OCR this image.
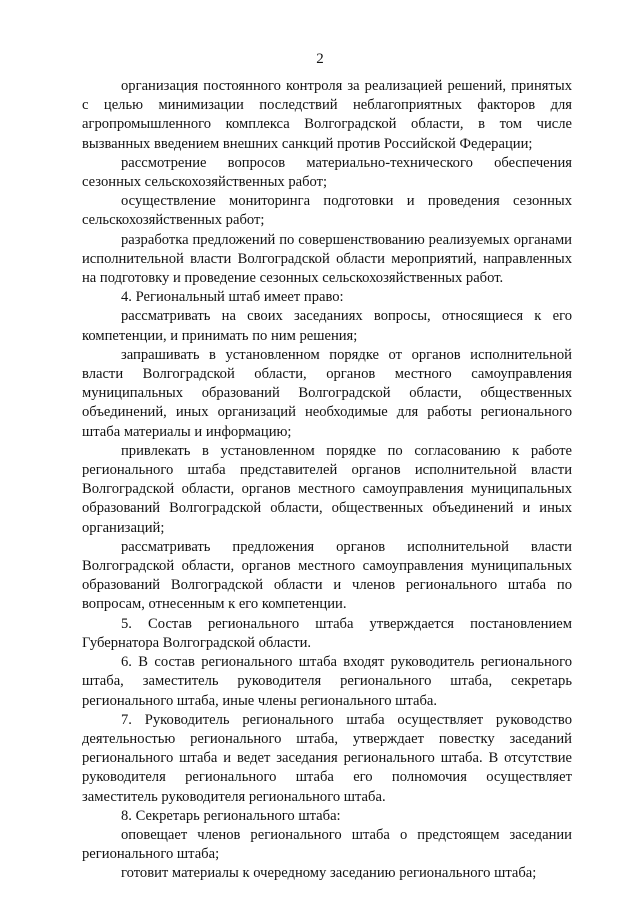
2

организация постоянного контроля за реализацией решений, принятых с целью минимизации последствий неблагоприятных факторов для агропромышленного комплекса Волгоградской области, в том числе вызванных введением внешних санкций против Российской Федерации;

рассмотрение вопросов материально-технического обеспечения сезонных сельскохозяйственных работ;

осуществление мониторинга подготовки и проведения сезонных сельскохозяйственных работ;

разработка предложений по совершенствованию реализуемых органами исполнительной власти Волгоградской области мероприятий, направленных на подготовку и проведение сезонных сельскохозяйственных работ.

4. Региональный штаб имеет право:

рассматривать на своих заседаниях вопросы, относящиеся к его компетенции, и принимать по ним решения;

запрашивать в установленном порядке от органов исполнительной власти Волгоградской области, органов местного самоуправления муниципальных образований Волгоградской области, общественных объединений, иных организаций необходимые для работы регионального штаба материалы и информацию;

привлекать в установленном порядке по согласованию к работе регионального штаба представителей органов исполнительной власти Волгоградской области, органов местного самоуправления муниципальных образований Волгоградской области, общественных объединений и иных организаций;

рассматривать предложения органов исполнительной власти Волгоградской области, органов местного самоуправления муниципальных образований Волгоградской области и членов регионального штаба по вопросам, отнесенным к его компетенции.

5. Состав регионального штаба утверждается постановлением Губернатора Волгоградской области.

6. В состав регионального штаба входят руководитель регионального штаба, заместитель руководителя регионального штаба, секретарь регионального штаба, иные члены регионального штаба.

7. Руководитель регионального штаба осуществляет руководство деятельностью регионального штаба, утверждает повестку заседаний регионального штаба и ведет заседания регионального штаба. В отсутствие руководителя регионального штаба его полномочия осуществляет заместитель руководителя регионального штаба.

8. Секретарь регионального штаба:

оповещает членов регионального штаба о предстоящем заседании регионального штаба;

готовит материалы к очередному заседанию регионального штаба;
